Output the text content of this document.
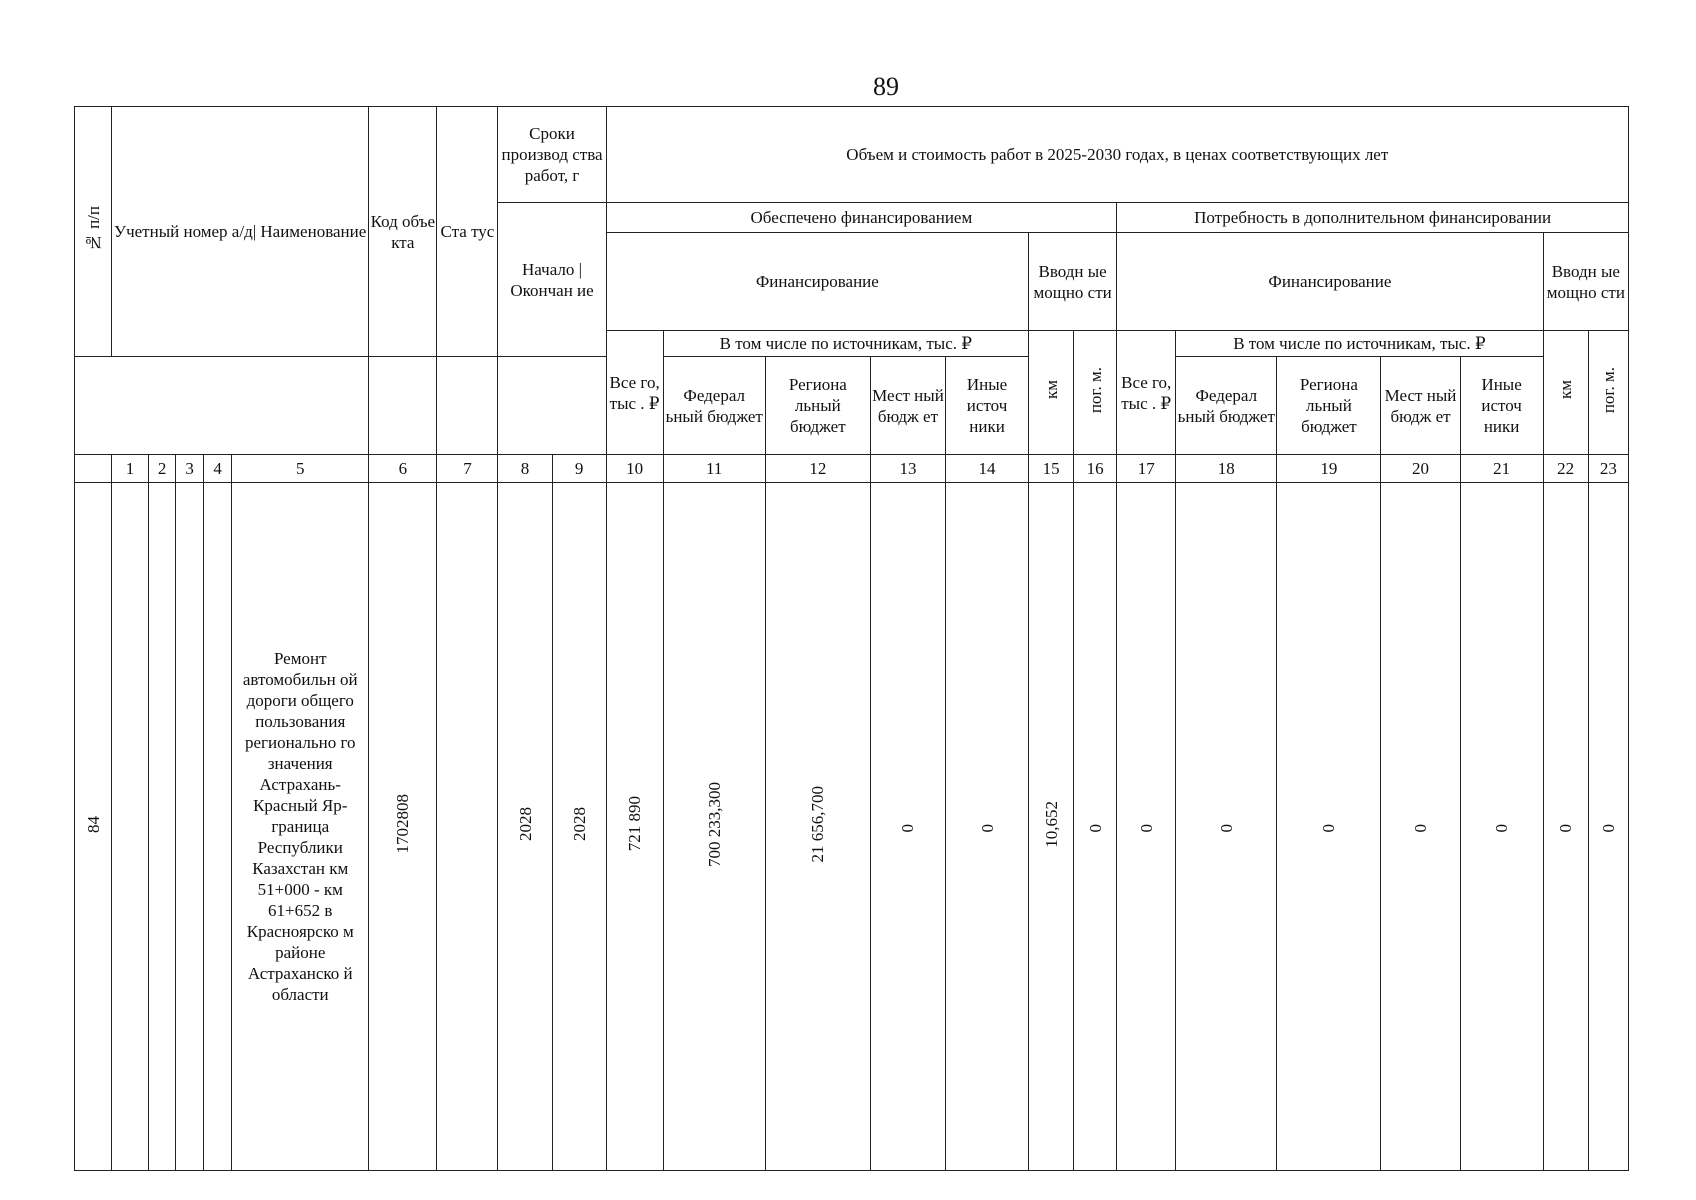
89
№ п/п	Учетный номер а/д| Наименование					Код объе кта	Ста тус	Сроки производ ства работ, г		Объем и стоимость работ в 2025-2030 годах, в ценах соответствующих лет													
								Начало | Окончан ие		Обеспечено финансированием							Потребность в дополнительном финансировании						
										Финансирование					Вводн ые мощно сти		Финансирование					Вводн ые мощно сти	
										Все го, тыс . ₽	В том числе по источникам, тыс. ₽				км	пог. м.	Все го, тыс . ₽	В том числе по источникам, тыс. ₽				км	пог. м.
											Федерал ьный бюджет	Региона льный бюджет	Мест ный бюдж ет	Иные источ ники				Федерал ьный бюджет	Региона льный бюджет	Мест ный бюдж ет	Иные источ ники		
	1	2	3	4	5	6	7	8	9	10	11	12	13	14	15	16	17	18	19	20	21	22	23
84					Ремонт автомобильн ой дороги общего пользования регионально го значения Астрахань- Красный Яр- граница Республики Казахстан км 51+000 - км 61+652 в Красноярско м районе Астраханско й области	1702808		2028	2028	721 890	700 233,300	21 656,700	0	0	10,652	0	0	0	0	0	0	0	0
